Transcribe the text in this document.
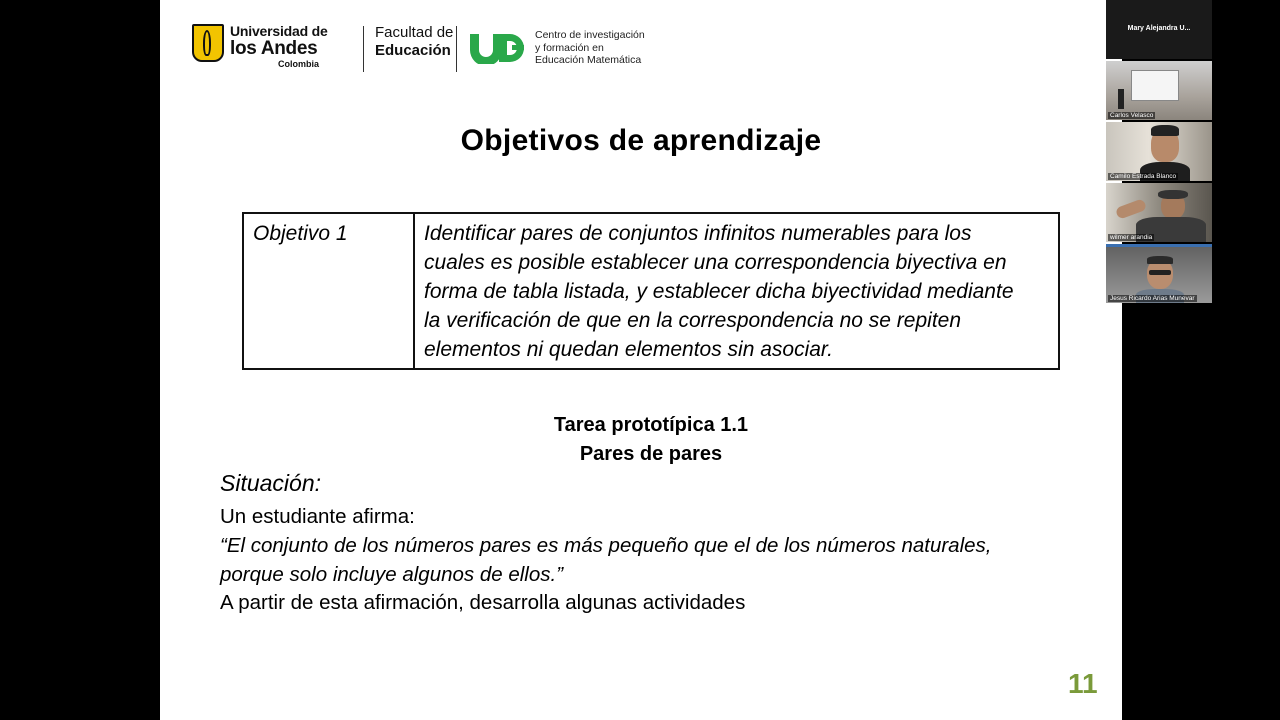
Universidad de
los Andes
Colombia
Facultad de
Educación
Centro de investigación
y formación en
Educación Matemática
Objetivos de aprendizaje
Objetivo 1	Identificar pares de conjuntos infinitos numerables para los
cuales es posible establecer una correspondencia biyectiva en
forma de tabla listada, y establecer dicha biyectividad mediante
la verificación de que en la correspondencia no se repiten
elementos ni quedan elementos sin asociar.
Tarea prototípica 1.1
Pares de pares
Situación:
Un estudiante afirma:
“El conjunto de los números pares es más pequeño que el de los números naturales,
porque solo incluye algunos de ellos.”
A partir de esta afirmación, desarrolla algunas actividades
11
Mary Alejandra U...
Carlos Velasco
Camilo Estrada Blanco
wilmer arandia
Jesus Ricardo Arias Munevar
